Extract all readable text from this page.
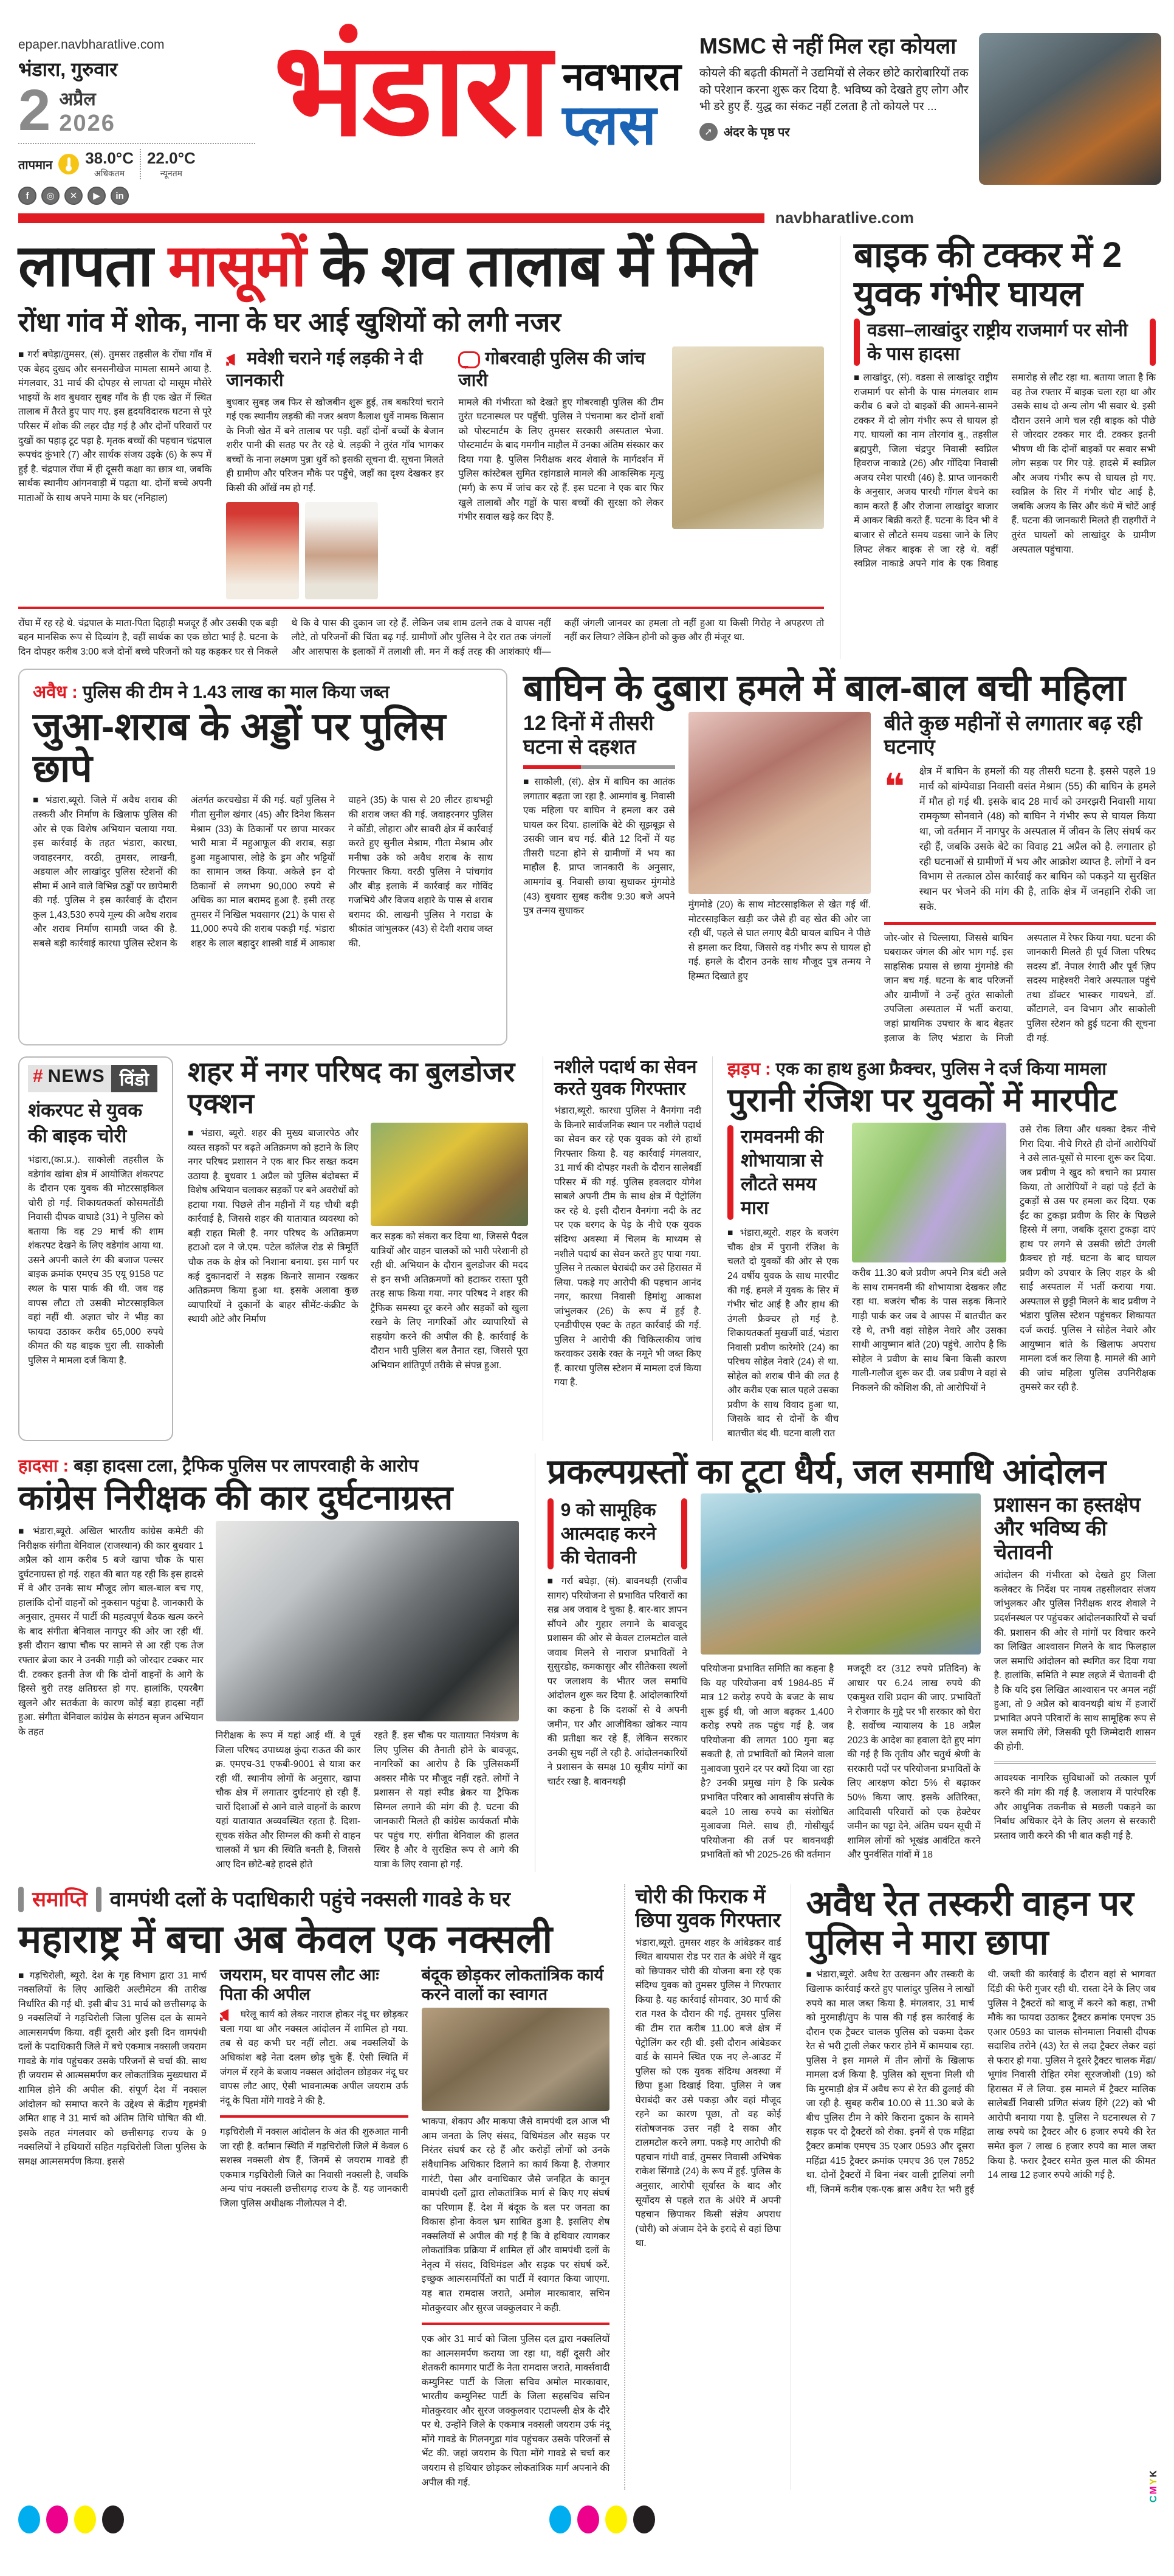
epaper.navbharatlive.com
भंडारा, गुरुवार
2 अप्रैल
2026
तापमान 38.0°C
अधिकतम
22.0°C
न्यूनतम
f	◎	✕	▶	in
भंडारा नवभारत
प्लस
MSMC से नहीं मिल रहा कोयला

कोयले की बढ़ती कीमतों ने उद्यमियों से लेकर छोटे कारोबारियों तक को परेशान करना शुरू कर दिया है. भविष्य को देखते हुए लोग और भी डरे हुए हैं. युद्ध का संकट नहीं टलता है तो कोयले पर ...

➚
अंदर के पृष्ठ पर
navbharatlive.com
लापता मासूमों के शव तालाब में मिले
रोंधा गांव में शोक, नाना के घर आई खुशियों को लगी नजर

■ गर्रा बघेड़ा/तुमसर, (सं). तुमसर तहसील के रोंघा गाँव में एक बेहद दुखद और सनसनीखेज मामला सामने आया है. मंगलवार, 31 मार्च की दोपहर से लापता दो मासूम मौसेरे भाइयों के शव बुधवार सुबह गाँव के ही एक खेत में स्थित तालाब में तैरते हुए पाए गए. इस हृदयविदारक घटना से पूरे परिसर में शोक की लहर दौड़ गई है और दोनों परिवारों पर दुखों का पहाड़ टूट पड़ा है. मृतक बच्चों की पहचान चंद्रपाल रूपचंद कुंभारे (7) और सार्थक संजय उइके (6) के रूप में हुई है. चंद्रपाल रोंघा में ही दूसरी कक्षा का छात्र था, जबकि सार्थक स्थानीय आंगनवाड़ी में पढ़ता था. दोनों बच्चे अपनी माताओं के साथ अपने मामा के घर (ननिहाल)

मवेशी चराने गई लड़की ने दी जानकारी

बुधवार सुबह जब फिर से खोजबीन शुरू हुई, तब बकरियां चराने गई एक स्थानीय लड़की की नजर श्रवण कैलाश धुर्वे नामक किसान के निजी खेत में बने तालाब पर पड़ी. वहाँ दोनों बच्चों के बेजान शरीर पानी की सतह पर तैर रहे थे. लड़की ने तुरंत गाँव भागकर बच्चों के नाना लक्ष्मण पुन्ना धुर्वे को इसकी सूचना दी. सूचना मिलते ही ग्रामीण और परिजन मौके पर पहुँचे, जहाँ का दृश्य देखकर हर किसी की आँखें नम हो गईं.

गोबरवाही पुलिस की जांच जारी

मामले की गंभीरता को देखते हुए गोबरवाही पुलिस की टीम तुरंत घटनास्थल पर पहुँची. पुलिस ने पंचनामा कर दोनों शवों को पोस्टमार्टम के लिए तुमसर सरकारी अस्पताल भेजा. पोस्टमार्टम के बाद गमगीन माहौल में उनका अंतिम संस्कार कर दिया गया है. पुलिस निरीक्षक शरद शेवाले के मार्गदर्शन में पुलिस कांस्टेबल सुमित रहांगडाले मामले की आकस्मिक मृत्यु (मर्ग) के रूप में जांच कर रहे हैं. इस घटना ने एक बार फिर खुले तालाबों और गड्ढों के पास बच्चों की सुरक्षा को लेकर गंभीर सवाल खड़े कर दिए हैं.

रोंघा में रह रहे थे. चंद्रपाल के माता-पिता दिहाड़ी मजदूर हैं और उसकी एक बड़ी बहन मानसिक रूप से दिव्यांग है, वहीं सार्थक का एक छोटा भाई है. घटना के दिन दोपहर करीब 3:00 बजे दोनों बच्चे परिजनों को यह कहकर घर से निकले थे कि वे पास की दुकान जा रहे हैं. लेकिन जब शाम ढलने तक वे वापस नहीं लौटे, तो परिजनों की चिंता बढ़ गई. ग्रामीणों और पुलिस ने देर रात तक जंगलों और आसपास के इलाकों में तलाशी ली. मन में कई तरह की आशंकाएं थीं—कहीं जंगली जानवर का हमला तो नहीं हुआ या किसी गिरोह ने अपहरण तो नहीं कर लिया? लेकिन होनी को कुछ और ही मंजूर था.

बाइक की टक्कर में 2 युवक गंभीर घायल
वडसा–लाखांदुर राष्ट्रीय राजमार्ग पर सोनी के पास हादसा

■ लाखांदुर, (सं). वडसा से लाखांदूर राष्ट्रीय राजमार्ग पर सोनी के पास मंगलवार शाम करीब 6 बजे दो बाइकों की आमने-सामने टक्कर में दो लोग गंभीर रूप से घायल हो गए. घायलों का नाम तोरगांव बु., तहसील ब्रह्मपुरी, जिला चंद्रपुर निवासी स्वप्निल हिवराज नाकाडे (26) और गोंदिया निवासी अजय रमेश पारधी (46) है. प्राप्त जानकारी के अनुसार, अजय पारधी गॉगल बेचने का काम करते हैं और रोजाना लाखांदुर बाजार में आकर बिक्री करते हैं. घटना के दिन भी वे बाजार से लौटते समय वडसा जाने के लिए लिफ्ट लेकर बाइक से जा रहे थे. वहीं स्वप्निल नाकाडे अपने गांव के एक विवाह समारोह से लौट रहा था. बताया जाता है कि वह तेज रफ्तार में बाइक चला रहा था और उसके साथ दो अन्य लोग भी सवार थे. इसी दौरान उसने आगे चल रही बाइक को पीछे से जोरदार टक्कर मार दी. टक्कर इतनी भीषण थी कि दोनों बाइकों पर सवार सभी लोग सड़क पर गिर पड़े. हादसे में स्वप्निल और अजय गंभीर रूप से घायल हो गए. स्वप्निल के सिर में गंभीर चोट आई है, जबकि अजय के सिर और कंधे में चोटें आई हैं. घटना की जानकारी मिलते ही राहगीरों ने तुरंत घायलों को लाखांदुर के ग्रामीण अस्पताल पहुंचाया.

अवैध : पुलिस की टीम ने 1.43 लाख का माल किया जब्त
जुआ-शराब के अड्डों पर पुलिस छापे

■ भंडारा,ब्यूरो. जिले में अवैध शराब की तस्करी और निर्माण के खिलाफ पुलिस की ओर से एक विशेष अभियान चलाया गया. इस कार्रवाई के तहत भंडारा, कारधा, जवाहरनगर, वरठी, तुमसर, लाखनी, अडयाल और लाखांदुर पुलिस स्टेशनों की सीमा में आने वाले विभिन्न ठड्डों पर छापेमारी की गई. पुलिस ने इस कार्रवाई के दौरान कुल 1,43,530 रुपये मूल्य की अवैध शराब और शराब निर्माण सामग्री जब्त की है. सबसे बड़ी कार्रवाई कारधा पुलिस स्टेशन के अंतर्गत करचखेडा में की गई. यहाँ पुलिस ने गीता सुनील खंगार (45) और दिनेश किसन मेश्राम (33) के ठिकानों पर छापा मारकर भारी मात्रा में महुआफूल की शराब, सड़ा हुआ महुआपास, लोहे के ड्रम और भट्टियों का सामान जब्त किया. अकेले इन दो ठिकानों से लगभग 90,000 रुपये से अधिक का माल बरामद हुआ है. इसी तरह तुमसर में निखिल भवसागर (21) के पास से 11,000 रुपये की शराब पकड़ी गई. भंडारा शहर के लाल बहादुर शास्त्री वार्ड में आकाश वाहने (35) के पास से 20 लीटर हाथभट्टी की शराब जब्त की गई. जवाहरनगर पुलिस ने कोंडी, लोहारा और सावरी क्षेत्र में कार्रवाई करते हुए सुनील मेश्राम, गीता मेश्राम और मनीषा उके को अवैध शराब के साथ गिरफ्तार किया. वरठी पुलिस ने पांचगांव और बीड़ इलाके में कार्रवाई कर गोविंद गजभिये और विजय शहारे के पास से शराब बरामद की. लाखनी पुलिस ने गराडा के श्रीकांत जांभुलकर (43) से देशी शराब जब्त की.

बाघिन के दुबारा हमले में बाल-बाल बची महिला
12 दिनों में तीसरी घटना से दहशत

■ साकोली, (सं). क्षेत्र में बाघिन का आतंक लगातार बढ़ता जा रहा है. आमगांव बु. निवासी एक महिला पर बाघिन ने हमला कर उसे घायल कर दिया. हालांकि बेटे की सूझबूझ से उसकी जान बच गई. बीते 12 दिनों में यह तीसरी घटना होने से ग्रामीणों में भय का माहौल है. प्राप्त जानकारी के अनुसार, आमगांव बु. निवासी छाया सुधाकर मुंगमोडे (43) बुधवार सुबह करीब 9:30 बजे अपने पुत्र तन्मय सुधाकर

मुंगमोडे (20) के साथ मोटरसाइकिल से खेत गई थीं. मोटरसाइकिल खड़ी कर जैसे ही वह खेत की ओर जा रही थीं, पहले से घात लगाए बैठी घायल बाघिन ने पीछे से हमला कर दिया, जिससे वह गंभीर रूप से घायल हो गई. हमले के दौरान उनके साथ मौजूद पुत्र तन्मय ने हिम्मत दिखाते हुए

बीते कुछ महीनों से लगातार बढ़ रही घटनाएं
❝ क्षेत्र में बाघिन के हमलों की यह तीसरी घटना है. इससे पहले 19 मार्च को बांम्पेवाडा निवासी वसंत मेश्राम (55) की बाघिन के हमले में मौत हो गई थी. इसके बाद 28 मार्च को उमरझरी निवासी माया रामकृष्ण सोनवाने (48) को बाघिन ने गंभीर रूप से घायल किया था, जो वर्तमान में नागपुर के अस्पताल में जीवन के लिए संघर्ष कर रही हैं, जबकि उसके बेटे का विवाह 21 अप्रैल को है. लगातार हो रही घटनाओं से ग्रामीणों में भय और आक्रोश व्याप्त है. लोगों ने वन विभाग से तत्काल ठोस कार्रवाई कर बाघिन को पकड़ने या सुरक्षित स्थान पर भेजने की मांग की है, ताकि क्षेत्र में जनहानि रोकी जा सके.

जोर-जोर से चिल्लाया, जिससे बाघिन घबराकर जंगल की ओर भाग गई. इस साहसिक प्रयास से छाया मुंगमोडे की जान बच गई. घटना के बाद परिजनों और ग्रामीणों ने उन्हें तुरंत साकोली उपजिला अस्पताल में भर्ती कराया, जहां प्राथमिक उपचार के बाद बेहतर इलाज के लिए भंडारा के निजी अस्पताल में रेफर किया गया. घटना की जानकारी मिलते ही पूर्व जिला परिषद सदस्य डॉ. नेपाल रंगारी और पूर्व ज़िप सदस्य माहेश्वरी नेवारे अस्पताल पहुंचे तथा डॉक्टर भास्कर गायधने, डॉ. कौंटागले, वन विभाग और साकोली पुलिस स्टेशन को हुई घटना की सूचना दी गई.

# NEWS विंडो
शंकरपट से युवक की बाइक चोरी

भंडारा,(का.प्र.). साकोली तहसील के वडेगांव खांबा क्षेत्र में आयोजित शंकरपट के दौरान एक युवक की मोटरसाइकिल चोरी हो गई. शिकायतकर्ता कोसमतोंडी निवासी दीपक वाघाडे (31) ने पुलिस को बताया कि वह 29 मार्च की शाम शंकरपट देखने के लिए वडेगांव आया था. उसने अपनी काले रंग की बजाज पल्सर बाइक क्रमांक एमएच 35 एयू 9158 पट स्थल के पास पार्क की थी. जब वह वापस लौटा तो उसकी मोटरसाइकिल वहां नहीं थी. अज्ञात चोर ने भीड़ का फायदा उठाकर करीब 65,000 रुपये कीमत की यह बाइक चुरा ली. साकोली पुलिस ने मामला दर्ज किया है.

शहर में नगर परिषद का बुलडोजर एक्शन

■ भंडारा, ब्यूरो. शहर की मुख्य बाजारपेठ और व्यस्त सड़कों पर बढ़ते अतिक्रमण को हटाने के लिए नगर परिषद प्रशासन ने एक बार फिर सख्त कदम उठाया है. बुधवार 1 अप्रैल को पुलिस बंदोबस्त में विशेष अभियान चलाकर सड़कों पर बने अवरोधों को हटाया गया. पिछले तीन महीनों में यह चौथी बड़ी कार्रवाई है, जिससे शहर की यातायात व्यवस्था को बड़ी राहत मिली है. नगर परिषद के अतिक्रमण हटाओ दल ने जे.एम. पटेल कॉलेज रोड से त्रिमूर्ति चौक तक के क्षेत्र को निशाना बनाया. इस मार्ग पर कई दुकानदारों ने सड़क किनारे सामान रखकर अतिक्रमण किया हुआ था. इसके अलावा कुछ व्यापारियों ने दुकानों के बाहर सीमेंट-कंक्रीट के स्थायी ओटे और निर्माण

कर सड़क को संकरा कर दिया था, जिससे पैदल यात्रियों और वाहन चालकों को भारी परेशानी हो रही थी. अभियान के दौरान बुलडोजर की मदद से इन सभी अतिक्रमणों को हटाकर रास्ता पूरी तरह साफ किया गया. नगर परिषद ने शहर की ट्रैफिक समस्या दूर करने और सड़कों को खुला रखने के लिए नागरिकों और व्यापारियों से सहयोग करने की अपील की है. कार्रवाई के दौरान भारी पुलिस बल तैनात रहा, जिससे पूरा अभियान शांतिपूर्ण तरीके से संपन्न हुआ.

नशीले पदार्थ का सेवन करते युवक गिरफ्तार

भंडारा,ब्यूरो. कारधा पुलिस ने वैनगंगा नदी के किनारे सार्वजनिक स्थान पर नशीले पदार्थ का सेवन कर रहे एक युवक को रंगे हाथों गिरफ्तार किया है. यह कार्रवाई मंगलवार, 31 मार्च की दोपहर गश्ती के दौरान सालेबर्डी परिसर में की गई. पुलिस हवलदार योगेश साबले अपनी टीम के साथ क्षेत्र में पेट्रोलिंग कर रहे थे. इसी दौरान वैनगंगा नदी के तट पर एक बरगद के पेड़ के नीचे एक युवक संदिग्ध अवस्था में चिलम के माध्यम से नशीले पदार्थ का सेवन करते हुए पाया गया. पुलिस ने तत्काल घेराबंदी कर उसे हिरासत में लिया. पकड़े गए आरोपी की पहचान आनंद नगर, कारधा निवासी हिमांशु आकाश जांभुलकर (26) के रूप में हुई है. एनडीपीएस एक्ट के तहत कार्रवाई की गई. पुलिस ने आरोपी की चिकित्सकीय जांच करवाकर उसके रक्त के नमूने भी जब्त किए हैं. कारधा पुलिस स्टेशन में मामला दर्ज किया गया है.

झड़प : एक का हाथ हुआ फ्रैक्चर, पुलिस ने दर्ज किया मामला
पुरानी रंजिश पर युवकों में मारपीट
रामवनमी की शोभायात्रा से लौटते समय मारा

■ भंडारा,ब्यूरो. शहर के बजरंग चौक क्षेत्र में पुरानी रंजिश के चलते दो युवकों की ओर से एक 24 वर्षीय युवक के साथ मारपीट की गई. हमले में युवक के सिर में गंभीर चोट आई है और हाथ की उंगली फ्रैक्चर हो गई है. शिकायतकर्ता मुखर्जी वार्ड, भंडारा निवासी प्रवीण कारेमोरे (24) का परिचय सोहेल नेवारे (24) से था. सोहेल को शराब पीने की लत है और करीब एक साल पहले उसका प्रवीण के साथ विवाद हुआ था, जिसके बाद से दोनों के बीच बातचीत बंद थी. घटना वाली रात

करीब 11.30 बजे प्रवीण अपने मित्र बंटी अले के साथ रामनवमी की शोभायात्रा देखकर लौट रहा था. बजरंग चौक के पास सड़क किनारे गाड़ी पार्क कर जब वे आपस में बातचीत कर रहे थे, तभी वहां सोहेल नेवारे और उसका साथी आयुष्मान बांते (20) पहुंचे. आरोप है कि सोहेल ने प्रवीण के साथ बिना किसी कारण गाली-गलौज शुरू कर दी. जब प्रवीण ने वहां से निकलने की कोशिश की, तो आरोपियों ने

उसे रोक लिया और धक्का देकर नीचे गिरा दिया. नीचे गिरते ही दोनों आरोपियों ने उसे लात-घूसों से मारना शुरू कर दिया. जब प्रवीण ने खुद को बचाने का प्रयास किया, तो आरोपियों ने वहां पड़े ईंटों के टुकड़ों से उस पर हमला कर दिया. एक ईंट का टुकड़ा प्रवीण के सिर के पिछले हिस्से में लगा, जबकि दूसरा टुकड़ा दाएं हाथ पर लगने से उसकी छोटी उंगली फ्रैक्चर हो गई. घटना के बाद घायल प्रवीण को उपचार के लिए शहर के श्री साईं अस्पताल में भर्ती कराया गया. अस्पताल से छुट्टी मिलने के बाद प्रवीण ने भंडारा पुलिस स्टेशन पहुंचकर शिकायत दर्ज कराई. पुलिस ने सोहेल नेवारे और आयुष्मान बांते के खिलाफ अपराध मामला दर्ज कर लिया है. मामले की आगे की जांच महिला पुलिस उपनिरीक्षक तुमसरे कर रही है.

हादसा : बड़ा हादसा टला, ट्रैफिक पुलिस पर लापरवाही के आरोप
कांग्रेस निरीक्षक की कार दुर्घटनाग्रस्त

■ भंडारा,ब्यूरो. अखिल भारतीय कांग्रेस कमेटी की निरीक्षक संगीता बेनिवाल (राजस्थान) की कार बुधवार 1 अप्रैल को शाम करीब 5 बजे खापा चौक के पास दुर्घटनाग्रस्त हो गई. राहत की बात यह रही कि इस हादसे में वे और उनके साथ मौजूद लोग बाल-बाल बच गए, हालांकि दोनों वाहनों को नुकसान पहुंचा है. जानकारी के अनुसार, तुमसर में पार्टी की महत्वपूर्ण बैठक खत्म करने के बाद संगीता बेनिवाल नागपुर की ओर जा रही थीं. इसी दौरान खापा चौक पर सामने से आ रही एक तेज रफ्तार ब्रेजा कार ने उनकी गाड़ी को जोरदार टक्कर मार दी. टक्कर इतनी तेज थी कि दोनों वाहनों के आगे के हिस्से बुरी तरह क्षतिग्रस्त हो गए. हालांकि, एयरबैग खुलने और सतर्कता के कारण कोई बड़ा हादसा नहीं हुआ. संगीता बेनिवाल कांग्रेस के संगठन सृजन अभियान के तहत	निरीक्षक के रूप में यहां आई थीं. वे पूर्व जिला परिषद उपाध्यक्ष कुंदा राऊत की कार क्र. एमएच-31 एफबी-9001 से यात्रा कर रही थीं. स्थानीय लोगों के अनुसार, खापा चौक क्षेत्र में लगातार दुर्घटनाएं हो रही हैं. चारों दिशाओं से आने वाले वाहनों के कारण यहां यातायात अव्यवस्थित रहता है. दिशा-सूचक संकेत और सिग्नल की कमी से वाहन चालकों में भ्रम की स्थिति बनती है, जिससे आए दिन छोटे-बड़े हादसे होते

रहते हैं. इस चौक पर यातायात नियंत्रण के लिए पुलिस की तैनाती होने के बावजूद, नागरिकों का आरोप है कि पुलिसकर्मी अक्सर मौके पर मौजूद नहीं रहते. लोगों ने प्रशासन से यहां स्पीड ब्रेकर या ट्रैफिक सिग्नल लगाने की मांग की है. घटना की जानकारी मिलते ही कांग्रेस कार्यकर्ता मौके पर पहुंच गए. संगीता बेनिवाल की हालत स्थिर है और वे सुरक्षित रूप से आगे की यात्रा के लिए रवाना हो गईं.

प्रकल्पग्रस्तों का टूटा धैर्य, जल समाधि आंदोलन
9 को सामूहिक आत्मदाह करने की चेतावनी

■ गर्रा बघेड़ा, (सं). बावनथड़ी (राजीव सागर) परियोजना से प्रभावित परिवारों का सब्र अब जवाब दे चुका है. बार-बार ज्ञापन सौंपने और गुहार लगाने के बावजूद प्रशासन की ओर से केवल टालमटोल वाले जवाब मिलने से नाराज प्रभावितों ने सुसुरडोह, कमकासुर और सीतेकसा स्थलों पर जलाशय के भीतर जल समाधि आंदोलन शुरू कर दिया है. आंदोलकारियों का कहना है कि दशकों से वे अपनी जमीन, घर और आजीविका खोकर न्याय की प्रतीक्षा कर रहे हैं, लेकिन सरकार उनकी सुध नहीं ले रही है. आंदोलनकारियों ने प्रशासन के समक्ष 10 सूत्रीय मांगों का चार्टर रखा है. बावनथड़ी

परियोजना प्रभावित समिति का कहना है कि यह परियोजना वर्ष 1984-85 में मात्र 12 करोड़ रुपये के बजट के साथ शुरू हुई थी, जो आज बढ़कर 1,400 करोड़ रुपये तक पहुंच गई है. जब परियोजना की लागत 100 गुना बढ़ सकती है, तो प्रभावितों को मिलने वाला मुआवजा पुराने दर पर क्यों दिया जा रहा है? उनकी प्रमुख मांग है कि प्रत्येक प्रभावित परिवार को आवासीय संपत्ति के बदले 10 लाख रुपये का संशोधित मुआवजा मिले. साथ ही, गोसीखुर्द परियोजना की तर्ज पर बावनथड़ी प्रभावितों को भी 2025-26 की वर्तमान

मजदूरी दर (312 रुपये प्रतिदिन) के आधार पर 6.24 लाख रुपये की एकमुश्त राशि प्रदान की जाए. प्रभावितों ने रोजगार के मुद्दे पर भी सरकार को घेरा है. सर्वोच्च न्यायालय के 18 अप्रैल 2023 के आदेश का हवाला देते हुए मांग की गई है कि तृतीय और चतुर्थ श्रेणी के सरकारी पदों पर परियोजना प्रभावितों के लिए आरक्षण कोटा 5% से बढ़ाकर 50% किया जाए. इसके अतिरिक्त, आदिवासी परिवारों को एक हेक्टेयर जमीन का पट्टा देने, अंतिम चयन सूची में शामिल लोगों को भूखंड आवंटित करने और पुनर्वसित गांवों में 18

प्रशासन का हस्तक्षेप और भविष्य की चेतावनी

आंदोलन की गंभीरता को देखते हुए जिला कलेक्टर के निर्देश पर नायब तहसीलदार संजय जांभुलकर और पुलिस निरीक्षक शरद शेवाले ने प्रदर्शनस्थल पर पहुंचकर आंदोलनकारियों से चर्चा की. प्रशासन की ओर से मांगों पर विचार करने का लिखित आश्वासन मिलने के बाद फिलहाल जल समाधि आंदोलन को स्थगित कर दिया गया है. हालांकि, समिति ने स्पष्ट लहजे में चेतावनी दी है कि यदि इस लिखित आश्वासन पर अमल नहीं हुआ, तो 9 अप्रैल को बावनथड़ी बांध में हजारों प्रभावित अपने परिवारों के साथ सामूहिक रूप से जल समाधि लेंगे, जिसकी पूरी जिम्मेदारी शासन की होगी.

आवश्यक नागरिक सुविधाओं को तत्काल पूर्ण करने की मांग की गई है. जलाशय में पारंपरिक और आधुनिक तकनीक से मछली पकड़ने का निर्बाध अधिकार देने के लिए अलग से सरकारी प्रस्ताव जारी करने की भी बात कही गई है.

समाप्ति वामपंथी दलों के पदाधिकारी पहुंचे नक्सली गावडे के घर
महाराष्ट्र में बचा अब केवल एक नक्सली

■ गड़चिरोली, ब्यूरो. देश के गृह विभाग द्वारा 31 मार्च नक्सलियों के लिए आखिरी अल्टीमेटम की तारीख निर्धारित की गई थी. इसी बीच 31 मार्च को छत्तीसगढ़ के 9 नक्सलियों ने गड़चिरोली जिला पुलिस दल के सामने आत्मसमर्पण किया. वहीं दूसरी ओर इसी दिन वामपंथी दलों के पदाधिकारी जिले में बचे एकमात्र नक्सली जयराम गावडे के गांव पहुंचकर उसके परिजनों से चर्चा की. साथ ही जयराम से आत्मसमर्पण कर लोकतांत्रिक मुख्यधारा में शामिल होने की अपील की. संपूर्ण देश में नक्सल आंदोलन को समाप्त करने के उद्देश्य से केंद्रीय गृहमंत्री अमित शाह ने 31 मार्च को अंतिम तिथि घोषित की थी. इसके तहत मंगलवार को छत्तीसगढ़ राज्य के 9 नक्सलियों ने हथियारों सहित गड़चिरोली जिला पुलिस के समक्ष आत्मसमर्पण किया. इससे

जयराम, घर वापस लौट आः पिता की अपील

घरेलू कार्य को लेकर नाराज होकर नंदू घर छोड़कर चला गया था और नक्सल आंदोलन में शामिल हो गया. तब से वह कभी घर नहीं लौटा. अब नक्सलियों के अधिकांश बड़े नेता दलम छोड़ चुके हैं. ऐसी स्थिति में जंगल में रहने के बजाय नक्सल आंदोलन छोड़कर नंदू घर वापस लौट आए, ऐसी भावनात्मक अपील जयराम उर्फ नंदू के पिता मोंगे गावडे ने की है.

गड़चिरोली में नक्सल आंदोलन के अंत की शुरुआत मानी जा रही है. वर्तमान स्थिति में गड़चिरोली जिले में केवल 6 सशस्त्र नक्सली शेष हैं, जिनमें से जयराम गावडे ही एकमात्र गड़चिरोली जिले का निवासी नक्सली है, जबकि अन्य पांच नक्सली छत्तीसगढ़ राज्य के हैं. यह जानकारी जिला पुलिस अधीक्षक नीलोत्पल ने दी.

बंदूक छोड़कर लोकतांत्रिक कार्य करने वालों का स्वागत

भाकपा, शेकाप और माकपा जैसे वामपंथी दल आज भी आम जनता के लिए संसद, विधिमंडल और सड़क पर निरंतर संघर्ष कर रहे हैं और करोड़ों लोगों को उनके संवैधानिक अधिकार दिलाने का कार्य किया है. रोजगार गारंटी, पेसा और वनाधिकार जैसे जनहित के कानून वामपंथी दलों द्वारा लोकतांत्रिक मार्ग से किए गए संघर्ष का परिणाम हैं. देश में बंदूक के बल पर जनता का विकास होना केवल भ्रम साबित हुआ है. इसलिए शेष नक्सलियों से अपील की गई है कि वे हथियार त्यागकर लोकतांत्रिक प्रक्रिया में शामिल हों और वामपंथी दलों के नेतृत्व में संसद, विधिमंडल और सड़क पर संघर्ष करें. इच्छुक आत्मसमर्पितों का पार्टी में स्वागत किया जाएगा. यह बात रामदास जराते, अमोल मारकावार, सचिन मोतकुरवार और सुरज जक्कुलवार ने कही.

एक ओर 31 मार्च को जिला पुलिस दल द्वारा नक्सलियों का आत्मसमर्पण कराया जा रहा था, वहीं दूसरी ओर शेतकरी कामगार पार्टी के नेता रामदास जराते, मार्क्सवादी कम्युनिस्ट पार्टी के जिला सचिव अमोल मारकावार, भारतीय कम्युनिस्ट पार्टी के जिला सहसचिव सचिन मोतकुरवार और सुरज जक्कुलवार एटापल्ली क्षेत्र के दौरे पर थे. उन्होंने जिले के एकमात्र नक्सली जयराम उर्फ नंदू मोंगे गावडे के गिलनगुडा गांव पहुंचकर उसके परिजनों से भेंट की. जहां जयराम के पिता मोंगे गावडे से चर्चा कर जयराम से हथियार छोड़कर लोकतांत्रिक मार्ग अपनाने की अपील की गई.

चोरी की फिराक में छिपा युवक गिरफ्तार

भंडारा,ब्यूरो. तुमसर शहर के आंबेडकर वार्ड स्थित बायपास रोड पर रात के अंधेरे में खुद को छिपाकर चोरी की योजना बना रहे एक संदिग्ध युवक को तुमसर पुलिस ने गिरफ्तार किया है. यह कार्रवाई सोमवार, 30 मार्च की रात गश्त के दौरान की गई. तुमसर पुलिस की टीम रात करीब 11.00 बजे क्षेत्र में पेट्रोलिंग कर रही थी. इसी दौरान आंबेडकर वार्ड के सामने स्थित एक नए ले-आउट में पुलिस को एक युवक संदिग्ध अवस्था में छिपा हुआ दिखाई दिया. पुलिस ने जब घेराबंदी कर उसे पकड़ा और वहां मौजूद रहने का कारण पूछा, तो वह कोई संतोषजनक उत्तर नहीं दे सका और टालमटोल करने लगा. पकड़े गए आरोपी की पहचान गांधी वार्ड, तुमसर निवासी अभिषेक राकेश सिंगाडे (24) के रूप में हुई. पुलिस के अनुसार, आरोपी सूर्यास्त के बाद और सूर्योदय से पहले रात के अंधेरे में अपनी पहचान छिपाकर किसी संज्ञेय अपराध (चोरी) को अंजाम देने के इरादे से वहां छिपा था.

अवैध रेत तस्करी वाहन पर पुलिस ने मारा छापा

■ भंडारा,ब्यूरो. अवैध रेत उत्खनन और तस्करी के खिलाफ कार्रवाई करते हुए पालांदुर पुलिस ने लाखों रुपये का माल जब्त किया है. मंगलवार, 31 मार्च को मुरमाड़ी/तुप के पास की गई इस कार्रवाई के दौरान एक ट्रैक्टर चालक पुलिस को चकमा देकर रेत से भरी ट्राली लेकर फरार होने में कामयाब रहा. पुलिस ने इस मामले में तीन लोगों के खिलाफ मामला दर्ज किया है. पुलिस को सूचना मिली थी कि मुरमाड़ी क्षेत्र में अवैध रूप से रेत की ढुलाई की जा रही है. सुबह करीब 10.00 से 11.30 बजे के बीच पुलिस टीम ने कोरे किराना दुकान के सामने सड़क पर दो ट्रैक्टरों को रोका. इनमें से एक महिंद्रा ट्रैक्टर क्रमांक एमएच 35 एआर 0593 और दूसरा महिंद्रा 415 ट्रैक्टर क्रमांक एमएच 36 एल 7852 था. दोनों ट्रैक्टरों में बिना नंबर वाली ट्रालियां लगी थीं, जिनमें करीब एक-एक ब्रास अवैध रेत भरी हुई थी. जब्ती की कार्रवाई के दौरान वहां से भागवत दिंडी की फेरी गुजर रही थी. रास्ता देने के लिए जब पुलिस ने ट्रैक्टरों को बाजू में करने को कहा, तभी मौके का फायदा उठाकर ट्रैक्टर क्रमांक एमएच 35 एआर 0593 का चालक सोनमाला निवासी दीपक सदाशिव तरोने (43) रेत से लदा ट्रैक्टर लेकर वहां से फरार हो गया. पुलिस ने दूसरे ट्रैक्टर चालक मेंढा/भूगांव निवासी रोहित रमेश सूरजजोशी (19) को हिरासत में ले लिया. इस मामले में ट्रैक्टर मालिक सालेबर्डी निवासी प्रणित संजय हिंगे (22) को भी आरोपी बनाया गया है. पुलिस ने घटनास्थल से 7 लाख रुपये का ट्रैक्टर और 6 हजार रुपये की रेत समेत कुल 7 लाख 6 हजार रुपये का माल जब्त किया है. फरार ट्रैक्टर समेत कुल माल की कीमत 14 लाख 12 हजार रुपये आंकी गई है.

CMYK
